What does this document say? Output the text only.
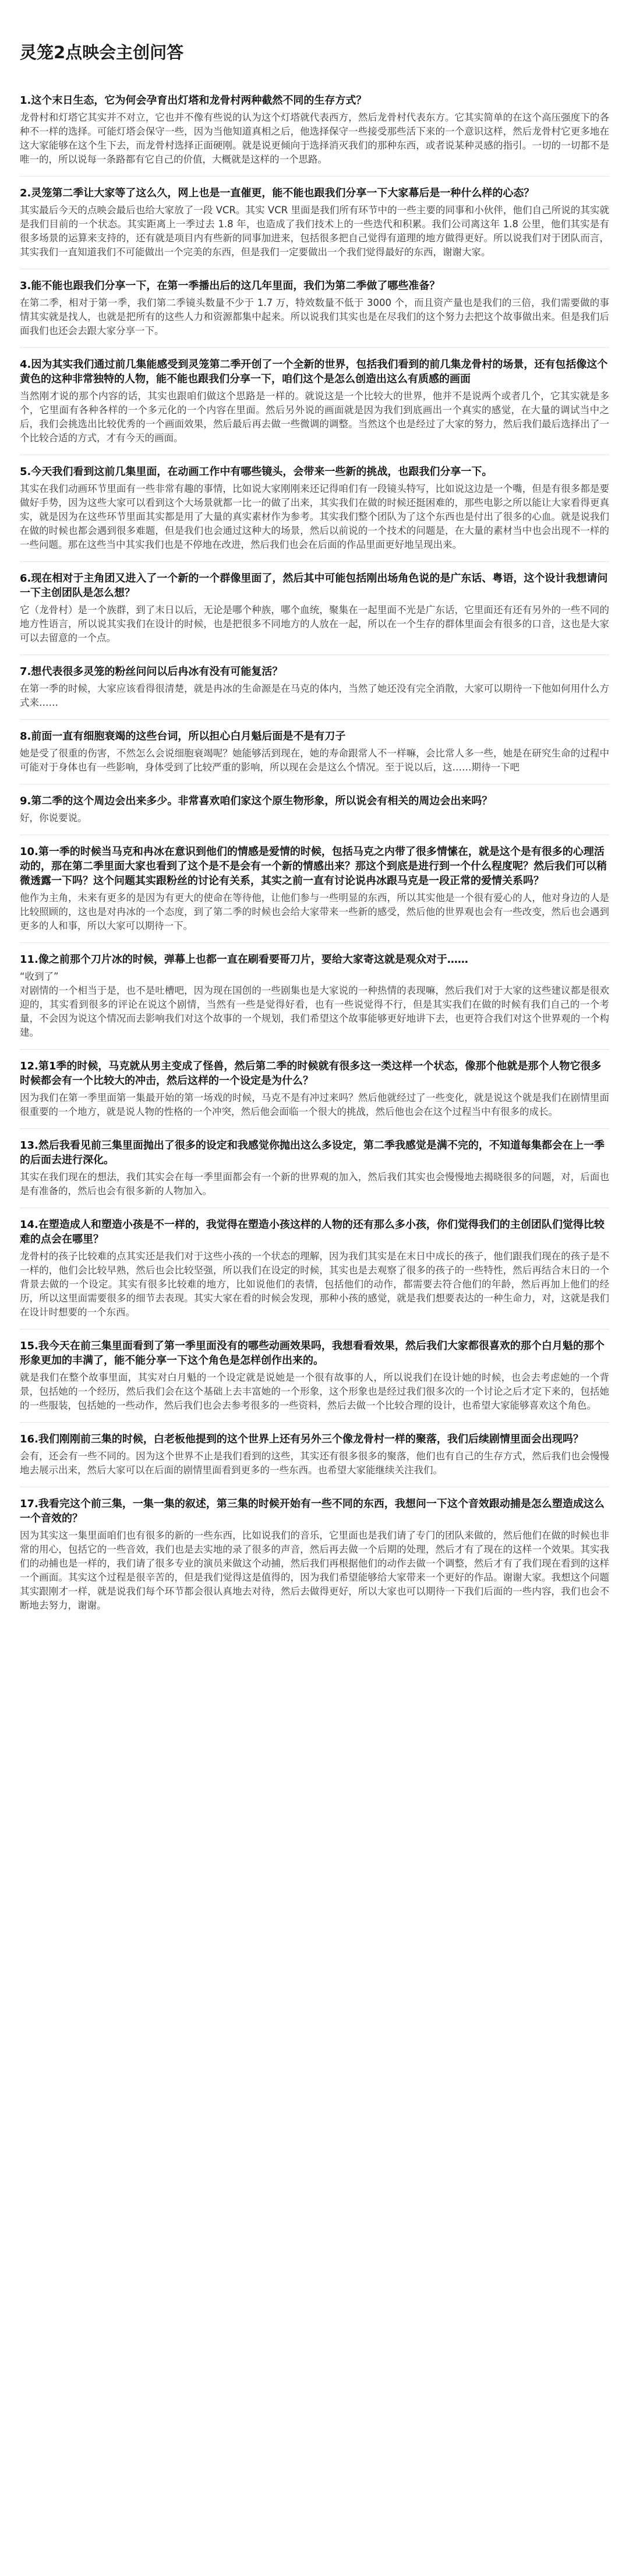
灵笼2点映会主创问答
1.这个末日生态，它为何会孕育出灯塔和龙骨村两种截然不同的生存方式？
龙骨村和灯塔它其实并不对立，它也并不像有些说的认为这个灯塔就代表西方，然后龙骨村代表东方。它其实简单的在这个高压强度下的各种不一样的选择。可能灯塔会保守一些，因为当他知道真相之后，他选择保守一些接受那些活下来的一个意识这样，然后龙骨村它更多地在这大家能够在这个生下去，而龙骨村选择正面硬刚。就是说更倾向于选择消灭我们的那种东西，或者说某种灵感的指引。一切的一切都不是唯一的，所以说每一条路都有它自己的价值，大概就是这样的一个思路。
2.灵笼第二季让大家等了这么久，网上也是一直催更，能不能也跟我们分享一下大家幕后是一种什么样的心态？
其实最后今天的点映会最后也给大家放了一段 VCR。其实 VCR 里面是我们所有环节中的一些主要的同事和小伙伴，他们自己所说的其实就是我们目前的一个状态。其实距离上一季过去 1.8 年，也造成了我们技术上的一些迭代和积累。我们公司离这年 1.8 公里，他们其实是有很多场景的运算来支持的，还有就是项目内有些新的同事加进来，包括很多把自己觉得有道理的地方做得更好。所以说我们对于团队而言，其实我们一直知道我们不可能做出一个完美的东西，但是我们一定要做出一个我们觉得最好的东西，谢谢大家。
3.能不能也跟我们分享一下，在第一季播出后的这几年里面，我们为第二季做了哪些准备？
在第二季，相对于第一季，我们第二季镜头数量不少于 1.7 万，特效数量不低于 3000 个，而且资产量也是我们的三倍，我们需要做的事情其实就是找人，也就是把所有的这些人力和资源都集中起来。所以说我们其实也是在尽我们的这个努力去把这个故事做出来。但是我们后面我们也还会去跟大家分享一下。
4.因为其实我们通过前几集能感受到灵笼第二季开创了一个全新的世界，包括我们看到的前几集龙骨村的场景，还有包括像这个黄色的这种非常独特的人物，能不能也跟我们分享一下，咱们这个是怎么创造出这么有质感的画面
当然刚才说的那个内容的话，其实也跟咱们做这个思路是一样的。就说这是一个比较大的世界，他并不是说两个或者几个，它其实就是多个，它里面有各种各样的一个多元化的一个内容在里面。然后另外说的画面就是因为我们到底画出一个真实的感觉，在大量的调试当中之后，我们会挑选出比较优秀的一个画面效果，然后最后再去做一些微调的调整。当然这个也是经过了大家的努力，然后我们最后选择出了一个比较合适的方式，才有今天的画面。
5.今天我们看到这前几集里面，在动画工作中有哪些镜头，会带来一些新的挑战，也跟我们分享一下。
其实在我们动画环节里面有一些非常有趣的事情，比如说大家刚刚来还记得咱们有一段镜头特写，比如说这边是一个嘴，但是有很多都是要做好手势，因为这些大家可以看到这个大场景就都一比一的做了出来，其实我们在做的时候还挺困难的，那些电影之所以能让大家看得更真实，就是因为在这些环节里面其实都是用了大量的真实素材作为参考。其实我们整个团队为了这个东西也是付出了很多的心血。就是说我们在做的时候也都会遇到很多难题，但是我们也会通过这种大的场景，然后以前说的一个技术的问题是，在大量的素材当中也会出现不一样的一些问题。那在这些当中其实我们也是不停地在改进，然后我们也会在后面的作品里面更好地呈现出来。
6.现在相对于主角团又进入了一个新的一个群像里面了，然后其中可能包括刚出场角色说的是广东话、粤语，这个设计我想请问一下主创团队是怎么想？
它（龙骨村）是一个族群，到了末日以后，无论是哪个种族，哪个血统，聚集在一起里面不光是广东话，它里面还有还有另外的一些不同的地方性语言，所以说其实我们在设计的时候，也是把很多不同地方的人放在一起，所以在一个生存的群体里面会有很多的口音，这也是大家可以去留意的一个点。
7.想代表很多灵笼的粉丝问问以后冉冰有没有可能复活？
在第一季的时候，大家应该看得很清楚，就是冉冰的生命源是在马克的体内，当然了她还没有完全消散，大家可以期待一下他如何用什么方式来……
8.前面一直有细胞衰竭的这些台词，所以担心白月魁后面是不是有刀子
她是受了很重的伤害，不然怎么会说细胞衰竭呢？她能够活到现在，她的寿命跟常人不一样嘛，会比常人多一些，她是在研究生命的过程中可能对于身体也有一些影响，身体受到了比较严重的影响，所以现在会是这么个情况。至于说以后，这……期待一下吧
9.第二季的这个周边会出来多少。非常喜欢咱们家这个原生物形象，所以说会有相关的周边会出来吗？
好，你说要说。
10.第一季的时候当马克和冉冰在意识到他们的情感是爱情的时候，包括马克之内带了很多情愫在，就是这个是有很多的心理活动的，那在第二季里面大家也看到了这个是不是会有一个新的情感出来？那这个到底是进行到一个什么程度呢？然后我们可以稍微透露一下吗？这个问题其实跟粉丝的讨论有关系，其实之前一直有讨论说冉冰跟马克是一段正常的爱情关系吗？
他作为主角，未来有更多的是因为有更大的使命在等待他，让他们参与一些明显的东西，所以其实他是一个很有爱心的人，他对身边的人是比较照顾的，这也是对冉冰的一个态度，到了第二季的时候也会给大家带来一些新的感受，然后他的世界观也会有一些改变，然后也会遇到更多的人和事，所以大家可以期待一下。
11.像之前那个刀片冰的时候，弹幕上也都一直在刷看要哥刀片，要给大家寄这就是观众对于……
“收到了”
对剧情的一个相当于是，也不是吐槽吧，因为现在国创的一些剧集也是大家说的一种热情的表现嘛，然后我们对于大家的这些建议都是很欢迎的，其实看到很多的评论在说这个剧情，当然有一些是觉得好看，也有一些说觉得不行，但是其实我们在做的时候有我们自己的一个考量，不会因为说这个情况而去影响我们对这个故事的一个规划，我们希望这个故事能够更好地讲下去，也更符合我们对这个世界观的一个构建。
12.第1季的时候，马克就从男主变成了怪兽，然后第二季的时候就有很多这一类这样一个状态，像那个他就是那个人物它很多时候都会有一个比较大的冲击，然后这样的一个设定是为什么？
因为我们在第一季里面第一集最开始的第一场戏的时候，马克不是有冲过来吗？然后他就经过了一些变化，就是说这个就是我们在剧情里面很重要的一个地方，就是说人物的性格的一个冲突，然后他会面临一个很大的挑战，然后他也会在这个过程当中有很多的成长。
13.然后我看见前三集里面抛出了很多的设定和我感觉你抛出这么多设定，第二季我感觉是满不完的，不知道每集都会在上一季的后面去进行深化。
其实在我们现在的想法，我们其实会在每一季里面都会有一个新的世界观的加入，然后我们其实也会慢慢地去揭晓很多的问题，对，后面也是有准备的，然后也会有很多新的人物加入。
14.在塑造成人和塑造小孩是不一样的，我觉得在塑造小孩这样的人物的还有那么多小孩，你们觉得我们的主创团队们觉得比较难的点会在哪里？
龙骨村的孩子比较难的点其实还是我们对于这些小孩的一个状态的理解，因为我们其实是在末日中成长的孩子，他们跟我们现在的孩子是不一样的，他们会比较早熟，然后也会比较坚强，所以我们在设定的时候，其实也是去观察了很多的孩子的一些特性，然后再结合末日的一个背景去做的一个设定。其实有很多比较难的地方，比如说他们的表情，包括他们的动作，都需要去符合他们的年龄，然后再加上他们的经历，所以这里面需要很多的细节去表现。其实大家在看的时候会发现，那种小孩的感觉，就是我们想要表达的一种生命力，对，这就是我们在设计时想要的一个东西。
15.我今天在前三集里面看到了第一季里面没有的哪些动画效果吗，我想看看效果，然后我们大家都很喜欢的那个白月魁的那个形象更加的丰满了，能不能分享一下这个角色是怎样创作出来的。
就是我们在整个故事里面，其实对白月魁的一个设定就是说她是一个很有故事的人，所以说我们在设计她的时候，也会去考虑她的一个背景，包括她的一个经历，然后我们会在这个基础上去丰富她的一个形象，这个形象也是经过我们很多次的一个讨论之后才定下来的，包括她的一些服装，包括她的一些动作，然后我们也会去参考很多的一些资料，然后去做一个比较合理的设计，也希望大家能够喜欢这个角色。
16.我们刚刚前三集的时候，白老板他提到的这个世界上还有另外三个像龙骨村一样的聚落，我们后续剧情里面会出现吗？
会有，还会有一些不同的。因为这个世界不止是我们看到的这些，其实还有很多很多的聚落，他们也有自己的生存方式，然后我们也会慢慢地去展示出来，然后大家可以在后面的剧情里面看到更多的一些东西。也希望大家能继续关注我们。
17.我看完这个前三集，一集一集的叙述，第三集的时候开始有一些不同的东西，我想问一下这个音效跟动捕是怎么塑造成这么一个音效的？
因为其实这一集里面咱们也有很多的新的一些东西，比如说我们的音乐，它里面也是我们请了专门的团队来做的，然后他们在做的时候也非常的用心，包括它的一些音效，我们也是去实地的录了很多的声音，然后再去做一个后期的处理，然后才有了现在的这样一个效果。其实我们的动捕也是一样的，我们请了很多专业的演员来做这个动捕，然后我们再根据他们的动作去做一个调整，然后才有了我们现在看到的这样一个画面。其实这个过程是很辛苦的，但是我们觉得这是值得的，因为我们希望能够给大家带来一个更好的作品。谢谢大家。我想这个问题其实跟刚才一样，就是说我们每个环节都会很认真地去对待，然后去做得更好，所以大家也可以期待一下我们后面的一些内容，我们也会不断地去努力，谢谢。
